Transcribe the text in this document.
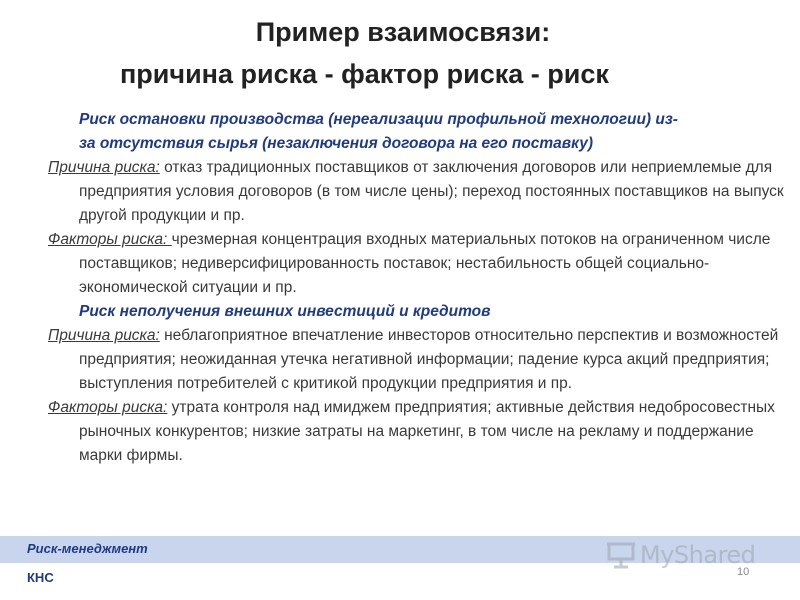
Пример взаимосвязи:
причина риска - фактор риска - риск
Риск остановки производства (нереализации профильной технологии) из-
за отсутствия сырья (незаключения договора на его поставку)
Причина риска: отказ традиционных поставщиков от заключения договоров или неприемлемые для предприятия условия договоров (в том числе цены); переход постоянных поставщиков на выпуск другой продукции и пр.
Факторы риска: чрезмерная концентрация входных материальных потоков на ограниченном числе поставщиков; недиверсифицированность поставок; нестабильность общей социально-экономической ситуации и пр.
Риск неполучения внешних инвестиций и кредитов
Причина риска: неблагоприятное впечатление инвесторов относительно перспектив и возможностей предприятия; неожиданная утечка негативной информации; падение курса акций предприятия; выступления потребителей с критикой продукции предприятия и пр.
Факторы риска: утрата контроля над имиджем предприятия; активные действия недобросовестных рыночных конкурентов; низкие затраты на маркетинг, в том числе на рекламу и поддержание марки фирмы.
Риск-менеджмент
КНС	10
MyShared
